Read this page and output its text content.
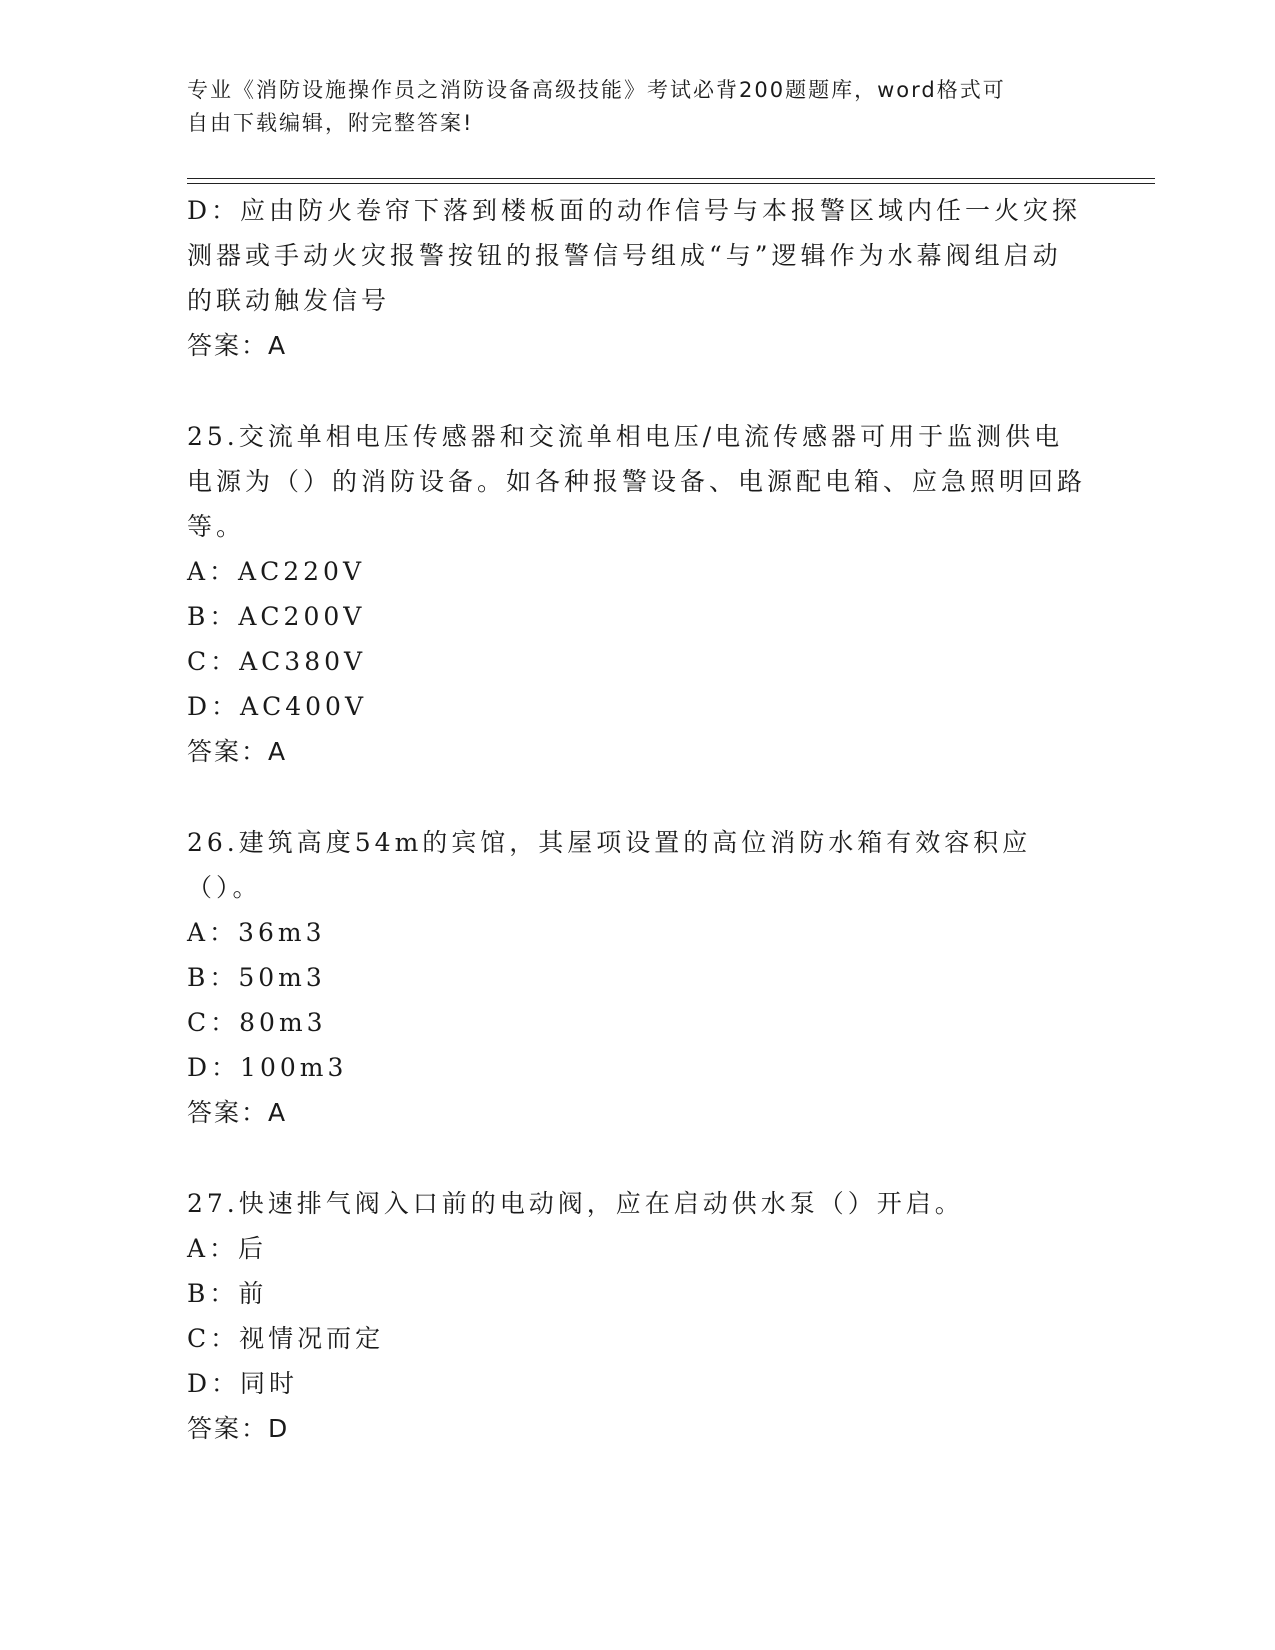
专业《消防设施操作员之消防设备高级技能》考试必背200题题库，word格式可
自由下载编辑，附完整答案!

D：应由防火卷帘下落到楼板面的动作信号与本报警区域内任一火灾探测器或手动火灾报警按钮的报警信号组成“与”逻辑作为水幕阀组启动的联动触发信号

答案：A

25.交流单相电压传感器和交流单相电压/电流传感器可用于监测供电电源为（）的消防设备。如各种报警设备、电源配电箱、应急照明回路等。

A：AC220V
B：AC200V
C：AC380V
D：AC400V
答案：A

26.建筑高度54m的宾馆，其屋项设置的高位消防水箱有效容积应（）。

A：36m3
B：50m3
C：80m3
D：100m3
答案：A

27.快速排气阀入口前的电动阀，应在启动供水泵（）开启。

A：后
B：前
C：视情况而定
D：同时
答案：D
